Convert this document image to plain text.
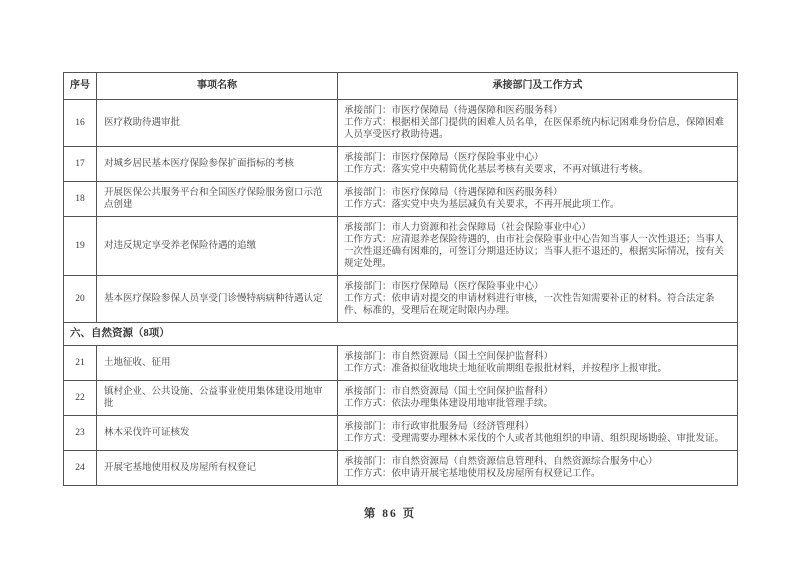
序号	事项名称	承接部门及工作方式
16	医疗救助待遇审批	承接部门：市医疗保障局（待遇保障和医药服务科）
工作方式：根据相关部门提供的困难人员名单，在医保系统内标记困难身份信息，保障困难人员享受医疗救助待遇。

17	对城乡居民基本医疗保险参保扩面指标的考核	承接部门：市医疗保障局（医疗保险事业中心）
工作方式：落实党中央精简优化基层考核有关要求，不再对镇进行考核。

18	开展医保公共服务平台和全国医疗保险服务窗口示范点创建	承接部门：市医疗保障局（待遇保障和医药服务科）
工作方式：落实党中央为基层减负有关要求，不再开展此项工作。

19	对违反规定享受养老保险待遇的追缴	承接部门：市人力资源和社会保障局（社会保险事业中心）
工作方式：应清退养老保险待遇的，由市社会保险事业中心告知当事人一次性退还；当事人一次性退还确有困难的，可签订分期退还协议；当事人拒不退还的，根据实际情况，按有关规定处理。

20	基本医疗保险参保人员享受门诊慢特病病种待遇认定	承接部门：市医疗保障局（医疗保险事业中心）
工作方式：依申请对提交的申请材料进行审核，一次性告知需要补正的材料。符合法定条件、标准的，受理后在规定时限内办理。

六、自然资源（8项）		
21	土地征收、征用	承接部门：市自然资源局（国土空间保护监督科）
工作方式：准备拟征收地块土地征收前期组卷报批材料，并按程序上报审批。

22	镇村企业、公共设施、公益事业使用集体建设用地审批	承接部门：市自然资源局（国土空间保护监督科）
工作方式：依法办理集体建设用地审批管理手续。

23	林木采伐许可证核发	承接部门：市行政审批服务局（经济管理科）
工作方式：受理需要办理林木采伐的个人或者其他组织的申请、组织现场勘验、审批发证。

24	开展宅基地使用权及房屋所有权登记	承接部门：市自然资源局（自然资源信息管理科、自然资源综合服务中心）
工作方式：依申请开展宅基地使用权及房屋所有权登记工作。
第 86 页
